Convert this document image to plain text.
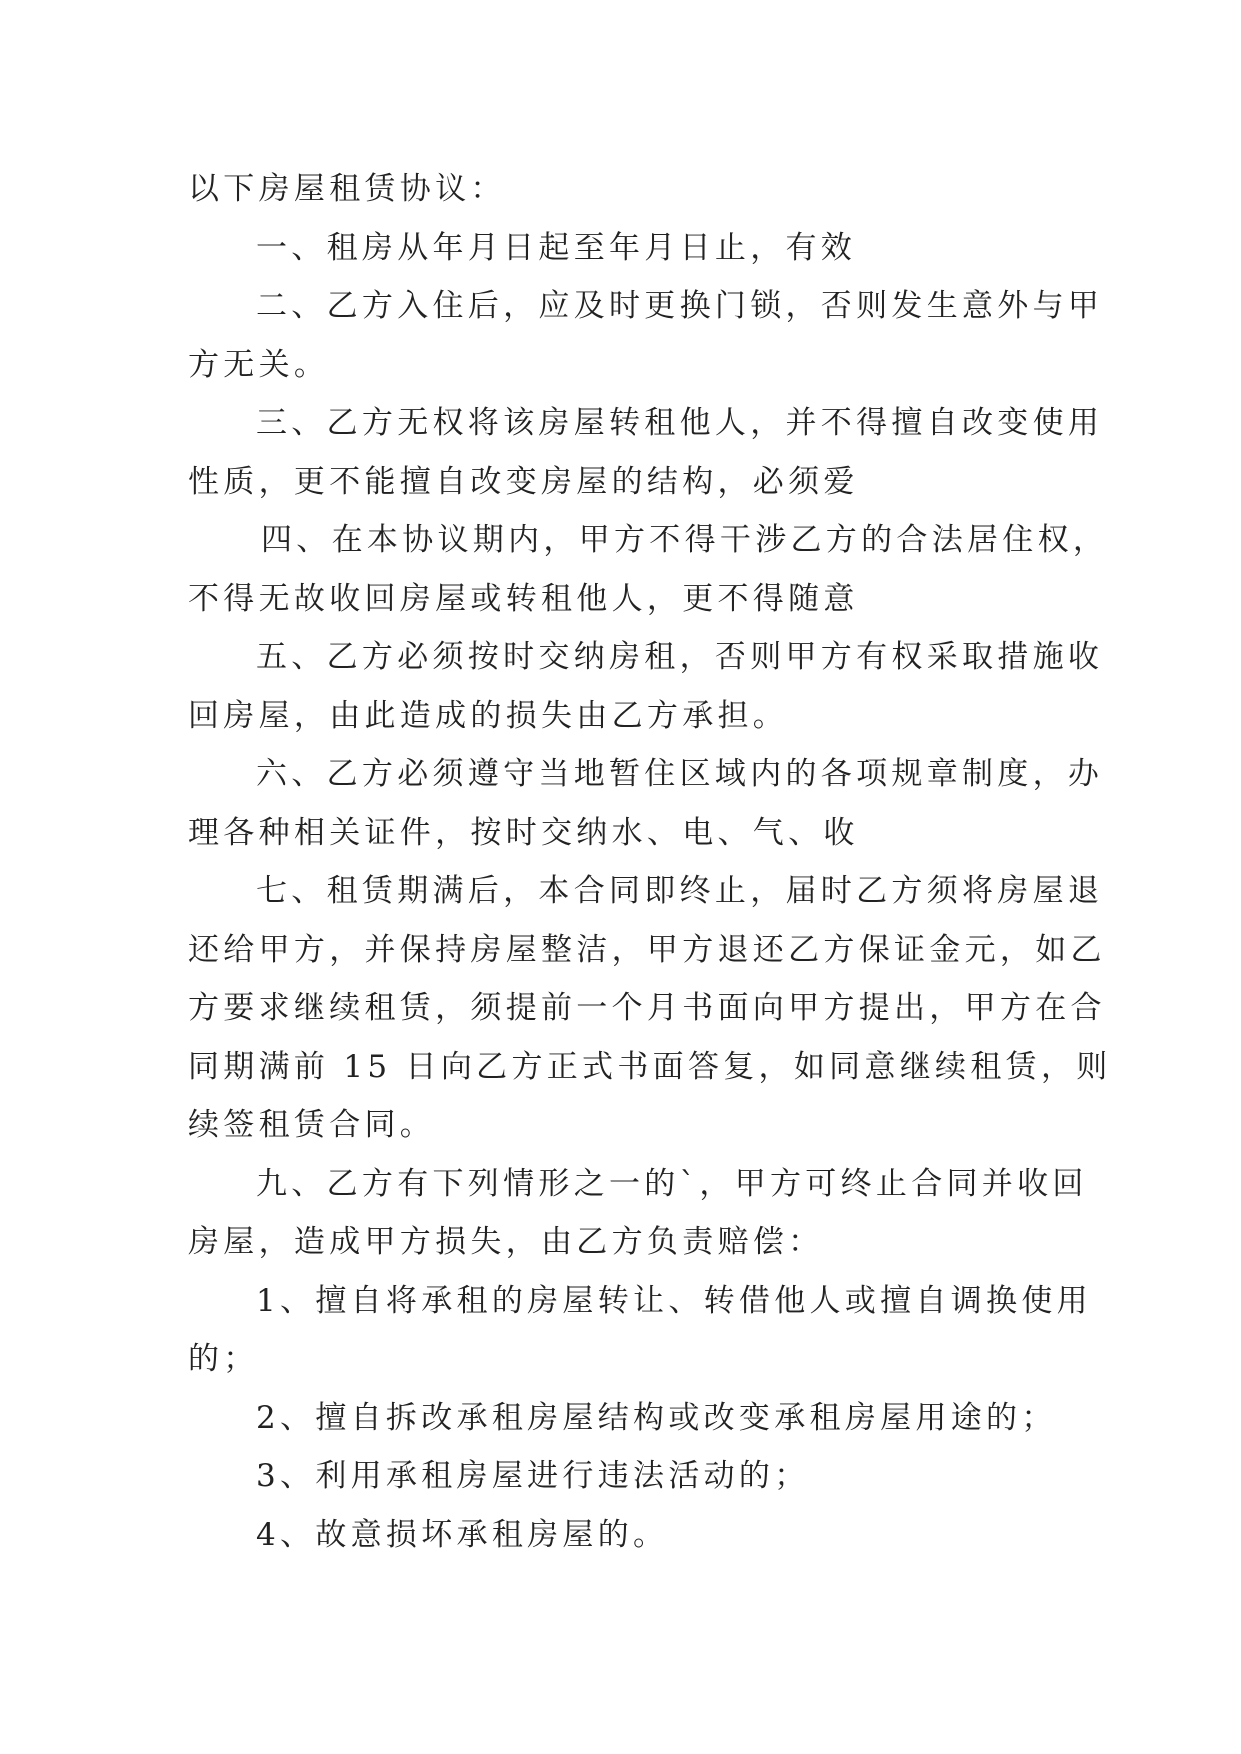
以下房屋租赁协议：
一、租房从年月日起至年月日止，有效
二、乙方入住后，应及时更换门锁，否则发生意外与甲
方无关。
三、乙方无权将该房屋转租他人，并不得擅自改变使用
性质，更不能擅自改变房屋的结构，必须爱
四、在本协议期内，甲方不得干涉乙方的合法居住权，
不得无故收回房屋或转租他人，更不得随意
五、乙方必须按时交纳房租，否则甲方有权采取措施收
回房屋，由此造成的损失由乙方承担。
六、乙方必须遵守当地暂住区域内的各项规章制度，办
理各种相关证件，按时交纳水、电、气、收
七、租赁期满后，本合同即终止，届时乙方须将房屋退
还给甲方，并保持房屋整洁，甲方退还乙方保证金元，如乙
方要求继续租赁，须提前一个月书面向甲方提出，甲方在合
同期满前 15 日向乙方正式书面答复，如同意继续租赁，则
续签租赁合同。
九、乙方有下列情形之一的`，甲方可终止合同并收回
房屋，造成甲方损失，由乙方负责赔偿：
1、擅自将承租的房屋转让、转借他人或擅自调换使用
的；
2、擅自拆改承租房屋结构或改变承租房屋用途的；
3、利用承租房屋进行违法活动的；
4、故意损坏承租房屋的。
